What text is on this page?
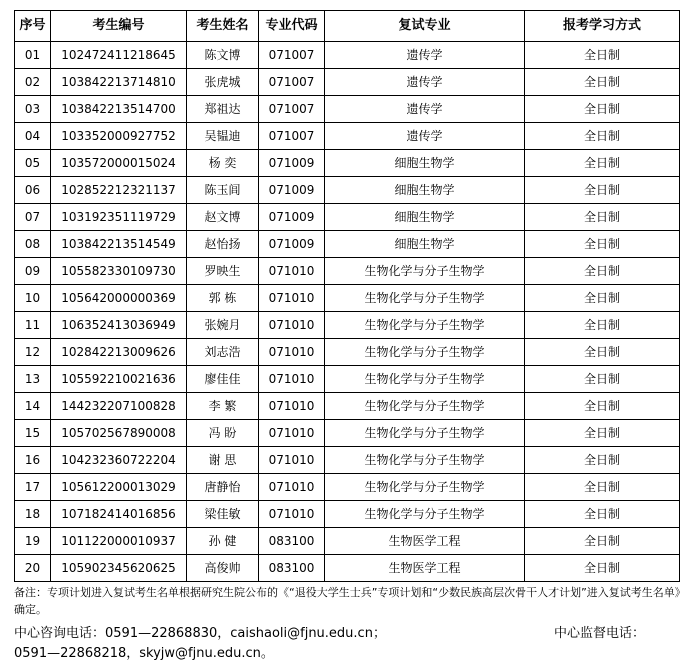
序号	考生编号	考生姓名	专业代码	复试专业	报考学习方式
01	102472411218645	陈文博	071007	遗传学	全日制
02	103842213714810	张虎城	071007	遗传学	全日制
03	103842213514700	郑祖达	071007	遗传学	全日制
04	103352000927752	吴韫迪	071007	遗传学	全日制
05	103572000015024	杨 奕	071009	细胞生物学	全日制
06	102852212321137	陈玉闾	071009	细胞生物学	全日制
07	103192351119729	赵文博	071009	细胞生物学	全日制
08	103842213514549	赵怡扬	071009	细胞生物学	全日制
09	105582330109730	罗映生	071010	生物化学与分子生物学	全日制
10	105642000000369	郭 栋	071010	生物化学与分子生物学	全日制
11	106352413036949	张婉月	071010	生物化学与分子生物学	全日制
12	102842213009626	刘志浩	071010	生物化学与分子生物学	全日制
13	105592210021636	廖佳佳	071010	生物化学与分子生物学	全日制
14	144232207100828	李 繁	071010	生物化学与分子生物学	全日制
15	105702567890008	冯 盼	071010	生物化学与分子生物学	全日制
16	104232360722204	谢 思	071010	生物化学与分子生物学	全日制
17	105612200013029	唐静怡	071010	生物化学与分子生物学	全日制
18	107182414016856	梁佳敏	071010	生物化学与分子生物学	全日制
19	101122000010937	孙 健	083100	生物医学工程	全日制
20	105902345620625	高俊帅	083100	生物医学工程	全日制
备注：专项计划进入复试考生名单根据研究生院公布的《“退役大学生士兵”专项计划和“少数民族高层次骨干人才计划”进入复试考生名单》确定。
中心咨询电话：0591—22868830，caishaoli@fjnu.edu.cn；	中心监督电话：
0591—22868218，skyjw@fjnu.edu.cn。
